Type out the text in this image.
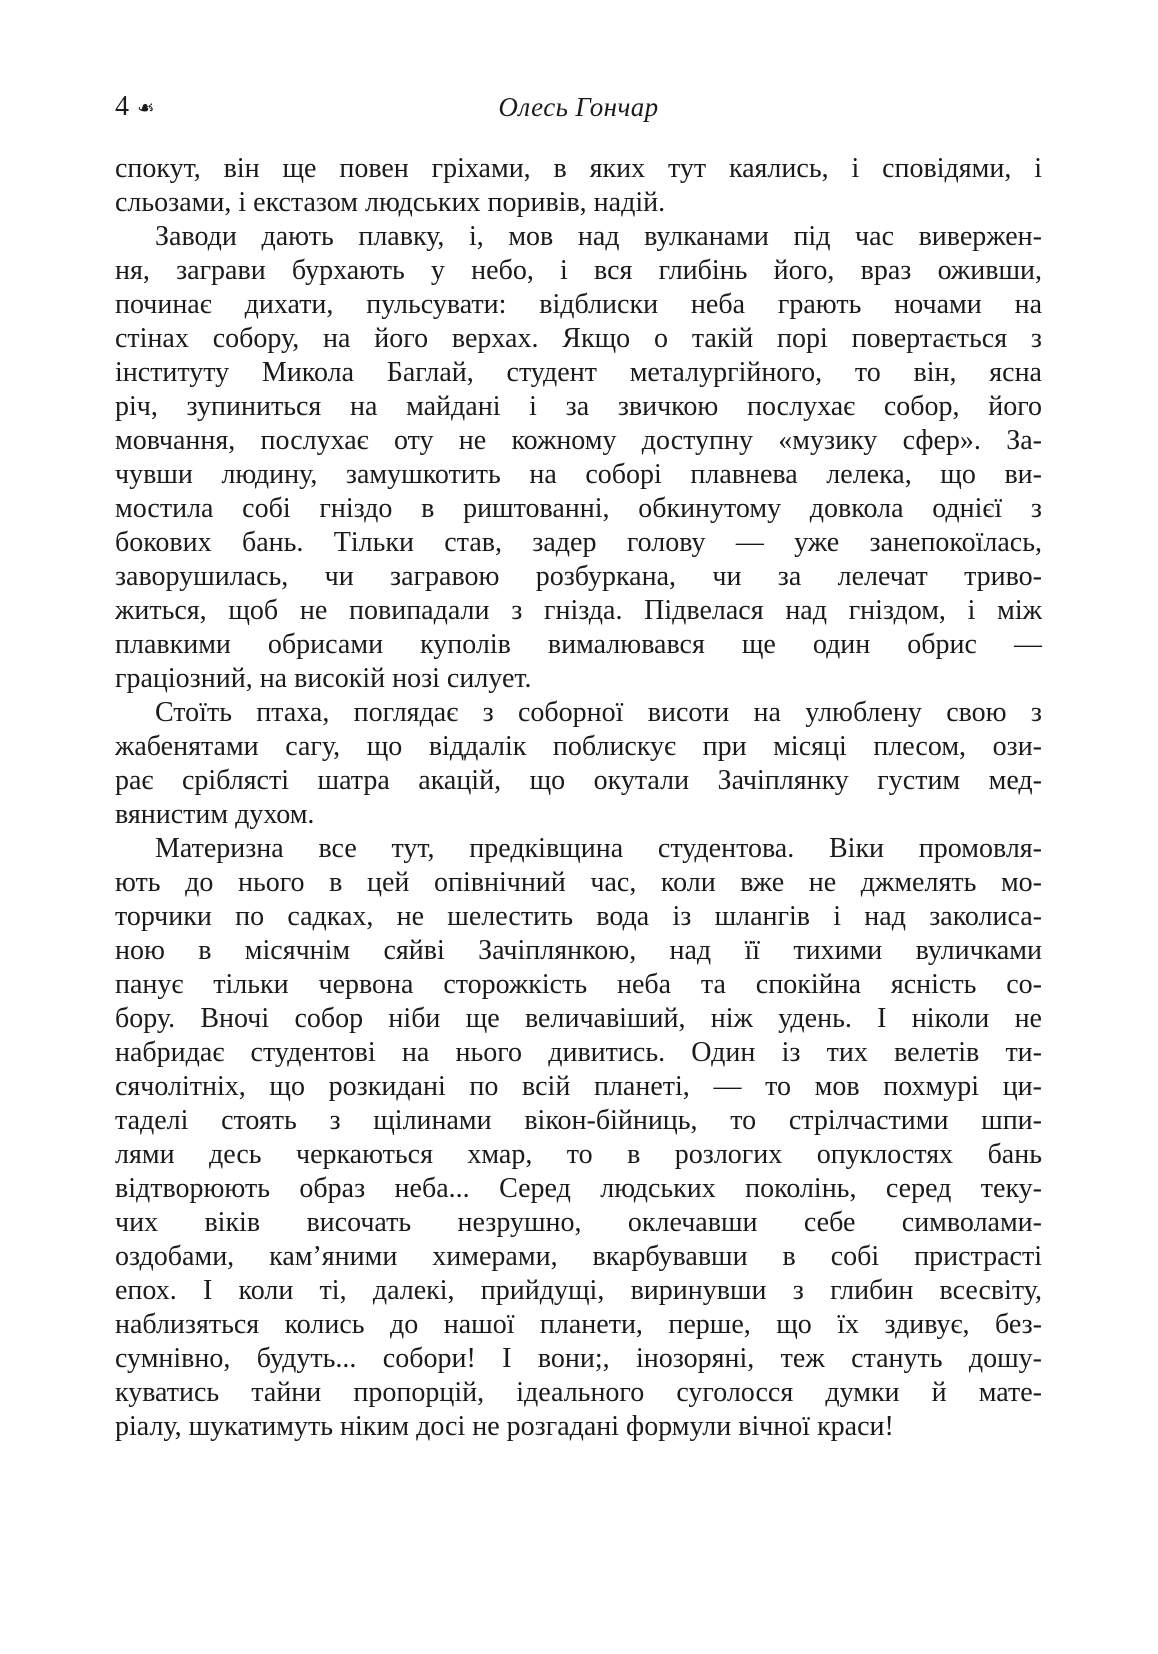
4 ❧	Олесь Гончар
спокут, він ще повен гріхами, в яких тут каялись, і сповідями, і
сльозами, і екстазом людських поривів, надій.
Заводи дають плавку, і, мов над вулканами під час вивержен-
ня, заграви бурхають у небо, і вся глибінь його, враз оживши,
починає дихати, пульсувати: відблиски неба грають ночами на
стінах собору, на його верхах. Якщо о такій порі повертається з
інституту Микола Баглай, студент металургійного, то він, ясна
річ, зупиниться на майдані і за звичкою послухає собор, його
мовчання, послухає оту не кожному доступну «музику сфер». За-
чувши людину, замушкотить на соборі плавнева лелека, що ви-
мостила собі гніздо в риштованні, обкинутому довкола однієї з
бокових бань. Тільки став, задер голову — уже занепокоїлась,
заворушилась, чи загравою розбуркана, чи за лелечат триво-
житься, щоб не повипадали з гнізда. Підвелася над гніздом, і між
плавкими обрисами куполів вималювався ще один обрис —
граціозний, на високій нозі силует.
Стоїть птаха, поглядає з соборної висоти на улюблену свою з
жабенятами сагу, що віддалік поблискує при місяці плесом, ози-
рає сріблясті шатра акацій, що окутали Зачіплянку густим мед-
вянистим духом.
Материзна все тут, предківщина студентова. Віки промовля-
ють до нього в цей опівнічний час, коли вже не джмелять мо-
торчики по садках, не шелестить вода із шлангів і над заколиса-
ною в місячнім сяйві Зачіплянкою, над її тихими вуличками
панує тільки червона сторожкість неба та спокійна ясність со-
бору. Вночі собор ніби ще величавіший, ніж удень. І ніколи не
набридає студентові на нього дивитись. Один із тих велетів ти-
сячолітніх, що розкидані по всій планеті, — то мов похмурі ци-
таделі стоять з щілинами вікон-бійниць, то стрілчастими шпи-
лями десь черкаються хмар, то в розлогих опуклостях бань
відтворюють образ неба... Серед людських поколінь, серед теку-
чих віків височать незрушно, оклечавши себе символами-
оздобами, кам’яними химерами, вкарбувавши в собі пристрасті
епох. І коли ті, далекі, прийдущі, виринувши з глибин всесвіту,
наблизяться колись до нашої планети, перше, що їх здивує, без-
сумнівно, будуть... собори! І вони;, інозоряні, теж стануть дошу-
куватись тайни пропорцій, ідеального суголосся думки й мате-
ріалу, шукатимуть ніким досі не розгадані формули вічної краси!
